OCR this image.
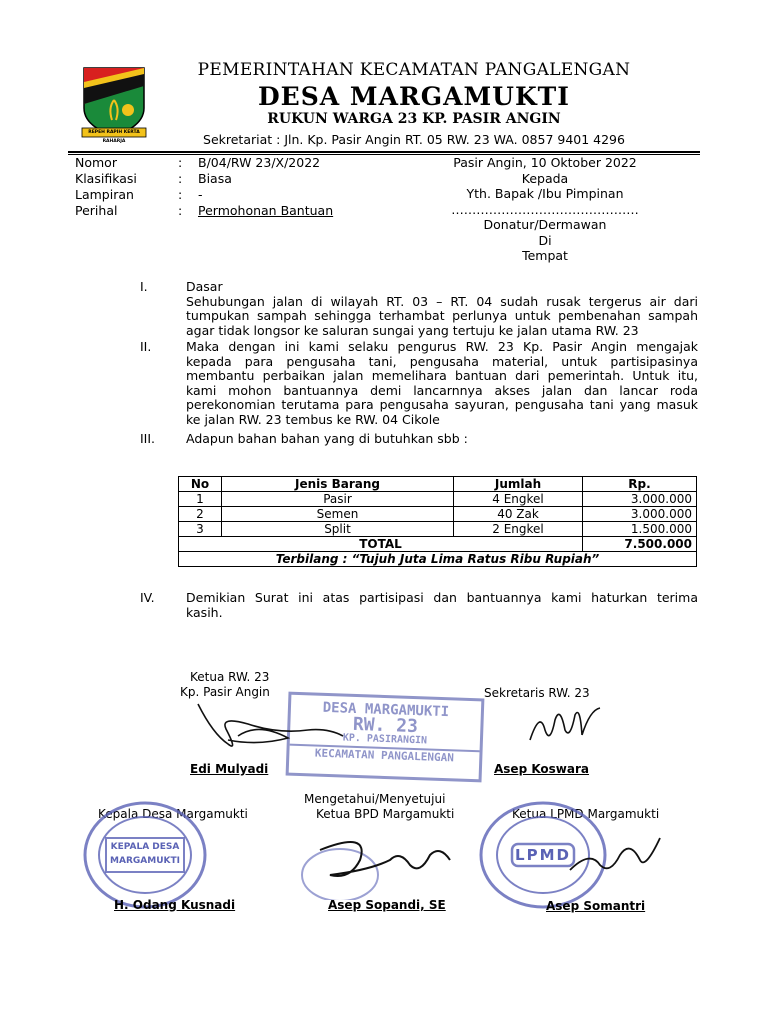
REPEH RAPIH KERTA RAHARJA
PEMERINTAHAN KECAMATAN PANGALENGAN
DESA MARGAMUKTI
RUKUN WARGA 23 KP. PASIR ANGIN
Sekretariat : Jln. Kp. Pasir Angin RT. 05 RW. 23 WA. 0857 9401 4296
Nomor	: B/04/RW 23/X/2022
Klasifikasi	: Biasa
Lampiran	: -
Perihal	: Permohonan Bantuan
Pasir Angin, 10 Oktober 2022
Kepada
Yth. Bapak /Ibu Pimpinan
………………………………………
Donatur/Dermawan
Di
Tempat
I.	Dasar
Sehubungan jalan di wilayah RT. 03 – RT. 04 sudah rusak tergerus air dari
tumpukan sampah sehingga terhambat perlunya untuk pembenahan sampah
agar tidak longsor ke saluran sungai yang tertuju ke jalan utama RW. 23
II.	Maka dengan ini kami selaku pengurus RW. 23 Kp. Pasir Angin mengajak
kepada para pengusaha tani, pengusaha material, untuk partisipasinya
membantu perbaikan jalan memelihara bantuan dari pemerintah. Untuk itu,
kami mohon bantuannya demi lancarnnya akses jalan dan lancar roda
perekonomian terutama para pengusaha sayuran, pengusaha tani yang masuk
ke jalan RW. 23 tembus ke RW. 04 Cikole
III. Adapun bahan bahan yang di butuhkan sbb :
No	Jenis Barang	Jumlah	Rp.
1	Pasir	4 Engkel	3.000.000
2	Semen	40 Zak	3.000.000
3	Split	2 Engkel	1.500.000
TOTAL			7.500.000
Terbilang : “Tujuh Juta Lima Ratus Ribu Rupiah”			
IV.	Demikian Surat ini atas partisipasi dan bantuannya kami haturkan terima
kasih.
Ketua RW. 23
Kp. Pasir Angin	Sekretaris RW. 23
DESA MARGAMUKTI
RW. 23
KP. PASIRANGIN
KECAMATAN PANGALENGAN
Edi Mulyadi	Asep Koswara
Mengetahui/Menyetujui
Kepala Desa Margamukti	Ketua BPD Margamukti	Ketua LPMD Margamukti
KEPALA DESA MARGAMUKTI
H. Odang Kusnadi	Asep Sopandi, SE
LPMD
Asep Somantri
